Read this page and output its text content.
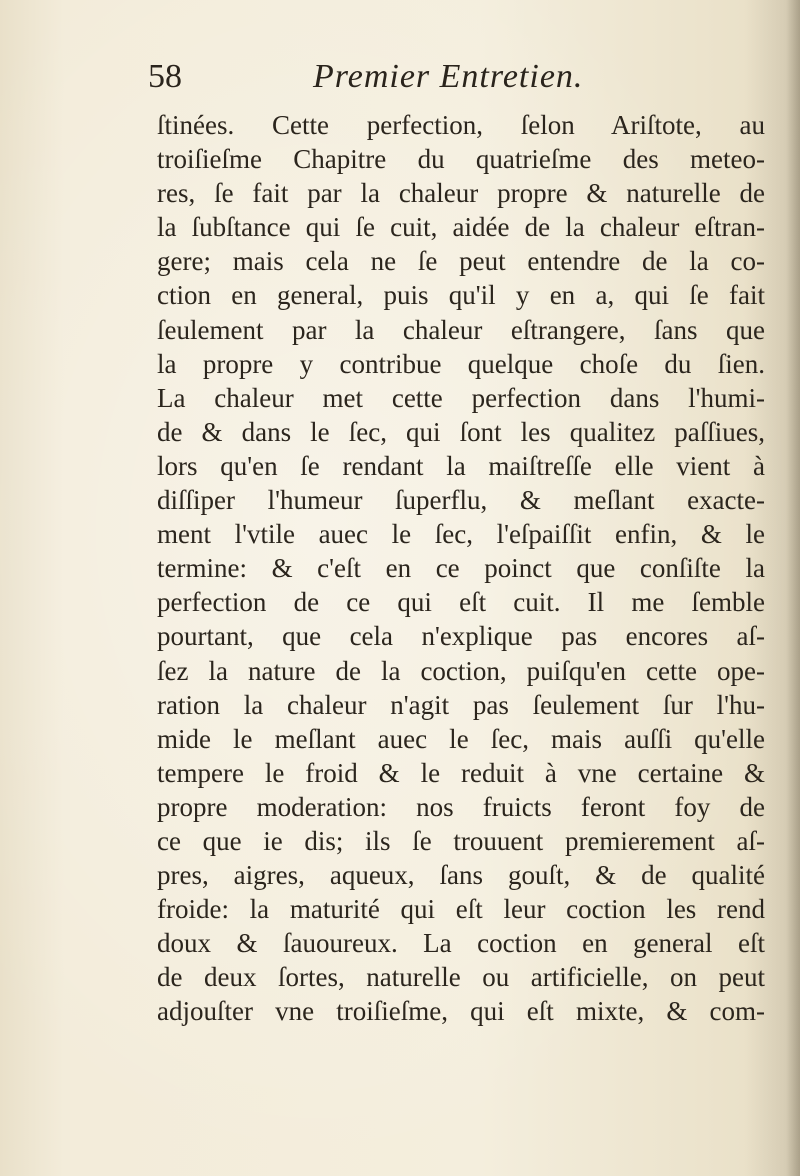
58	Premier Entretien.
ſtinées. Cette perfection, ſelon Ariſtote, au
troiſieſme Chapitre du quatrieſme des meteo-
res, ſe fait par la chaleur propre & naturelle de
la ſubſtance qui ſe cuit, aidée de la chaleur eſtran-
gere; mais cela ne ſe peut entendre de la co-
ction en general, puis qu'il y en a, qui ſe fait
ſeulement par la chaleur eſtrangere, ſans que
la propre y contribue quelque choſe du ſien.
La chaleur met cette perfection dans l'humi-
de & dans le ſec, qui ſont les qualitez paſſiues,
lors qu'en ſe rendant la maiſtreſſe elle vient à
diſſiper l'humeur ſuperflu, & meſlant exacte-
ment l'vtile auec le ſec, l'eſpaiſſit enfin, & le
termine: & c'eſt en ce poinct que conſiſte la
perfection de ce qui eſt cuit. Il me ſemble
pourtant, que cela n'explique pas encores aſ-
ſez la nature de la coction, puiſqu'en cette ope-
ration la chaleur n'agit pas ſeulement ſur l'hu-
mide le meſlant auec le ſec, mais auſſi qu'elle
tempere le froid & le reduit à vne certaine &
propre moderation: nos fruicts feront foy de
ce que ie dis; ils ſe trouuent premierement aſ-
pres, aigres, aqueux, ſans gouſt, & de qualité
froide: la maturité qui eſt leur coction les rend
doux & ſauoureux. La coction en general eſt
de deux ſortes, naturelle ou artificielle, on peut
adjouſter vne troiſieſme, qui eſt mixte, & com-
